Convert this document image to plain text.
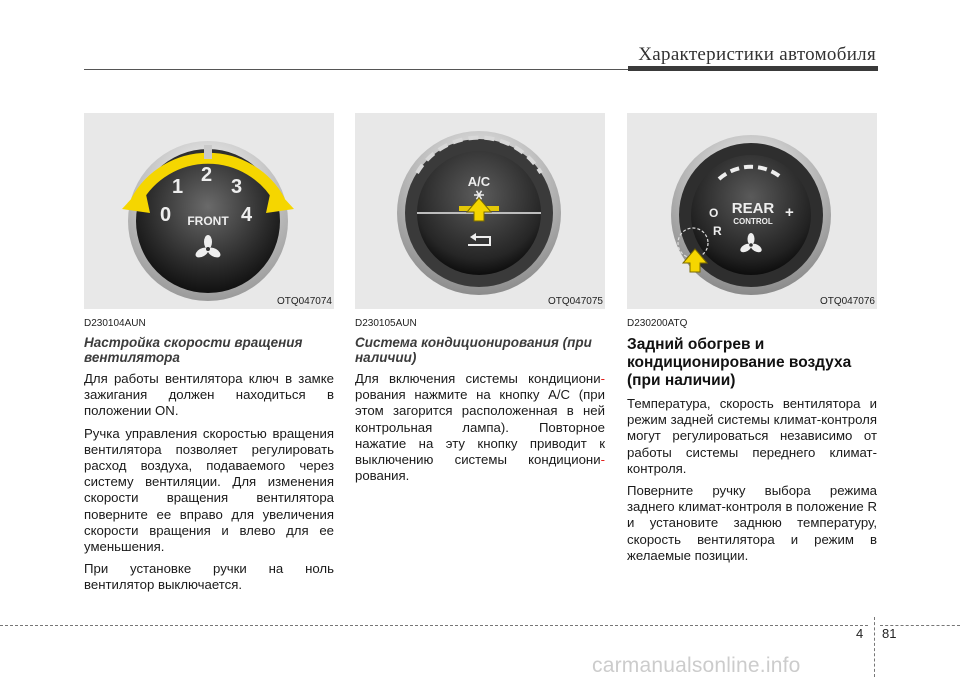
Характеристики автомобиля
0
1
2
3
4
FRONT
OTQ047074
D230104AUN
Настройка скорости вращения вентилятора

Для работы вентилятора ключ в замке зажигания должен находиться в положении ON.

Ручка управления скоростью вращения вентилятора позволяет регулировать расход воздуха, подаваемого через систему вентиляции. Для изменения скорости вращения вентилятора поверните ее вправо для увеличения скорости вращения и влево для ее уменьшения.

При установке ручки на ноль вентилятор выключается.

A/C
OTQ047075
D230105AUN
Система кондиционирования (при наличии)

Для включения системы кондициони- рования нажмите на кнопку A/C (при этом загорится расположенная в ней контрольная лампа). Повторное нажатие на эту кнопку приводит к выключению системы кондициони- рования.

REAR
CONTROL
O	+
R
OTQ047076
D230200ATQ
Задний обогрев и кондиционирование воздуха (при наличии)

Температура, скорость вентилятора и режим задней системы климат-контроля могут регулироваться независимо от работы системы переднего климат-контроля.

Поверните ручку выбора режима заднего климат-контроля в положение R и установите заднюю температуру, скорость вентилятора и режим в желаемые позиции.

4 81
carmanualsonline.info
